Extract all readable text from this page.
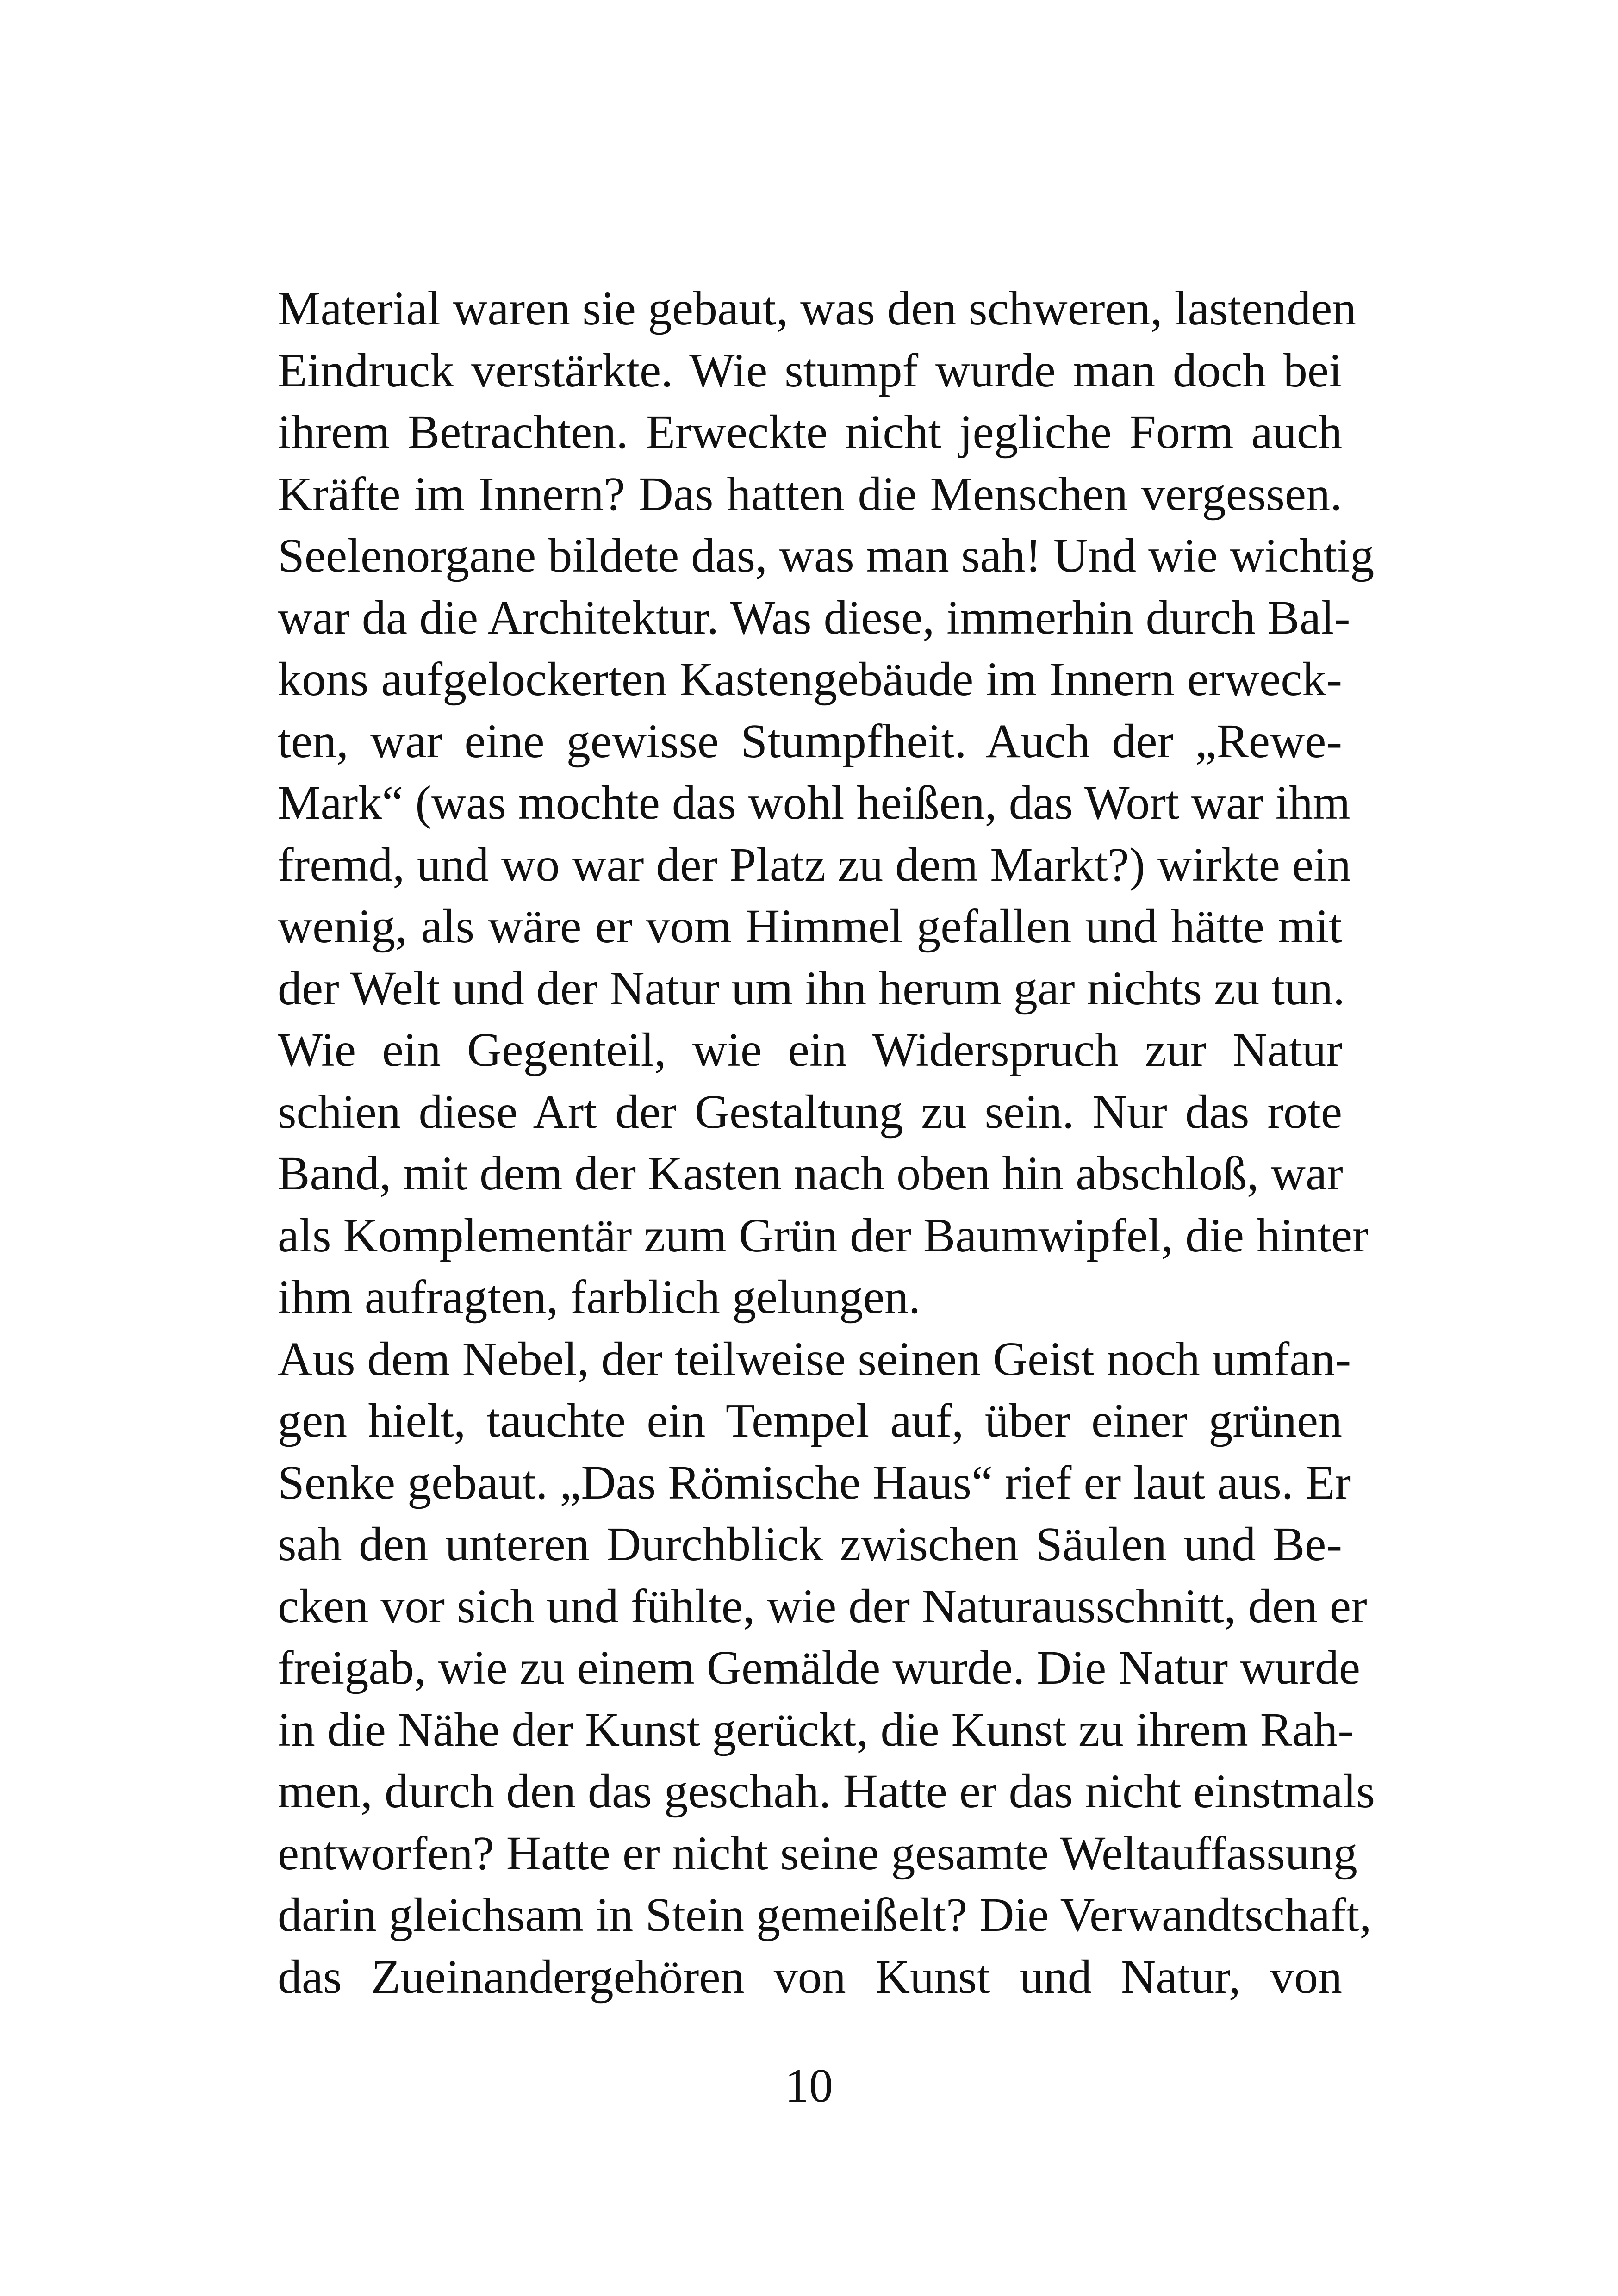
Material waren sie gebaut, was den schweren, lastenden
Eindruck verstärkte. Wie stumpf wurde man doch bei
ihrem Betrachten. Erweckte nicht jegliche Form auch
Kräfte im Innern? Das hatten die Menschen vergessen.
Seelenorgane bildete das, was man sah! Und wie wichtig
war da die Architektur. Was diese, immerhin durch Bal-
kons aufgelockerten Kastengebäude im Innern erweck-
ten, war eine gewisse Stumpfheit. Auch der „Rewe-
Mark“ (was mochte das wohl heißen, das Wort war ihm
fremd, und wo war der Platz zu dem Markt?) wirkte ein
wenig, als wäre er vom Himmel gefallen und hätte mit
der Welt und der Natur um ihn herum gar nichts zu tun.
Wie ein Gegenteil, wie ein Widerspruch zur Natur
schien diese Art der Gestaltung zu sein. Nur das rote
Band, mit dem der Kasten nach oben hin abschloß, war
als Komplementär zum Grün der Baumwipfel, die hinter
ihm aufragten, farblich gelungen.
Aus dem Nebel, der teilweise seinen Geist noch umfan-
gen hielt, tauchte ein Tempel auf, über einer grünen
Senke gebaut. „Das Römische Haus“ rief er laut aus. Er
sah den unteren Durchblick zwischen Säulen und Be-
cken vor sich und fühlte, wie der Naturausschnitt, den er
freigab, wie zu einem Gemälde wurde. Die Natur wurde
in die Nähe der Kunst gerückt, die Kunst zu ihrem Rah-
men, durch den das geschah. Hatte er das nicht einstmals
entworfen? Hatte er nicht seine gesamte Weltauffassung
darin gleichsam in Stein gemeißelt? Die Verwandtschaft,
das Zueinandergehören von Kunst und Natur, von
10
